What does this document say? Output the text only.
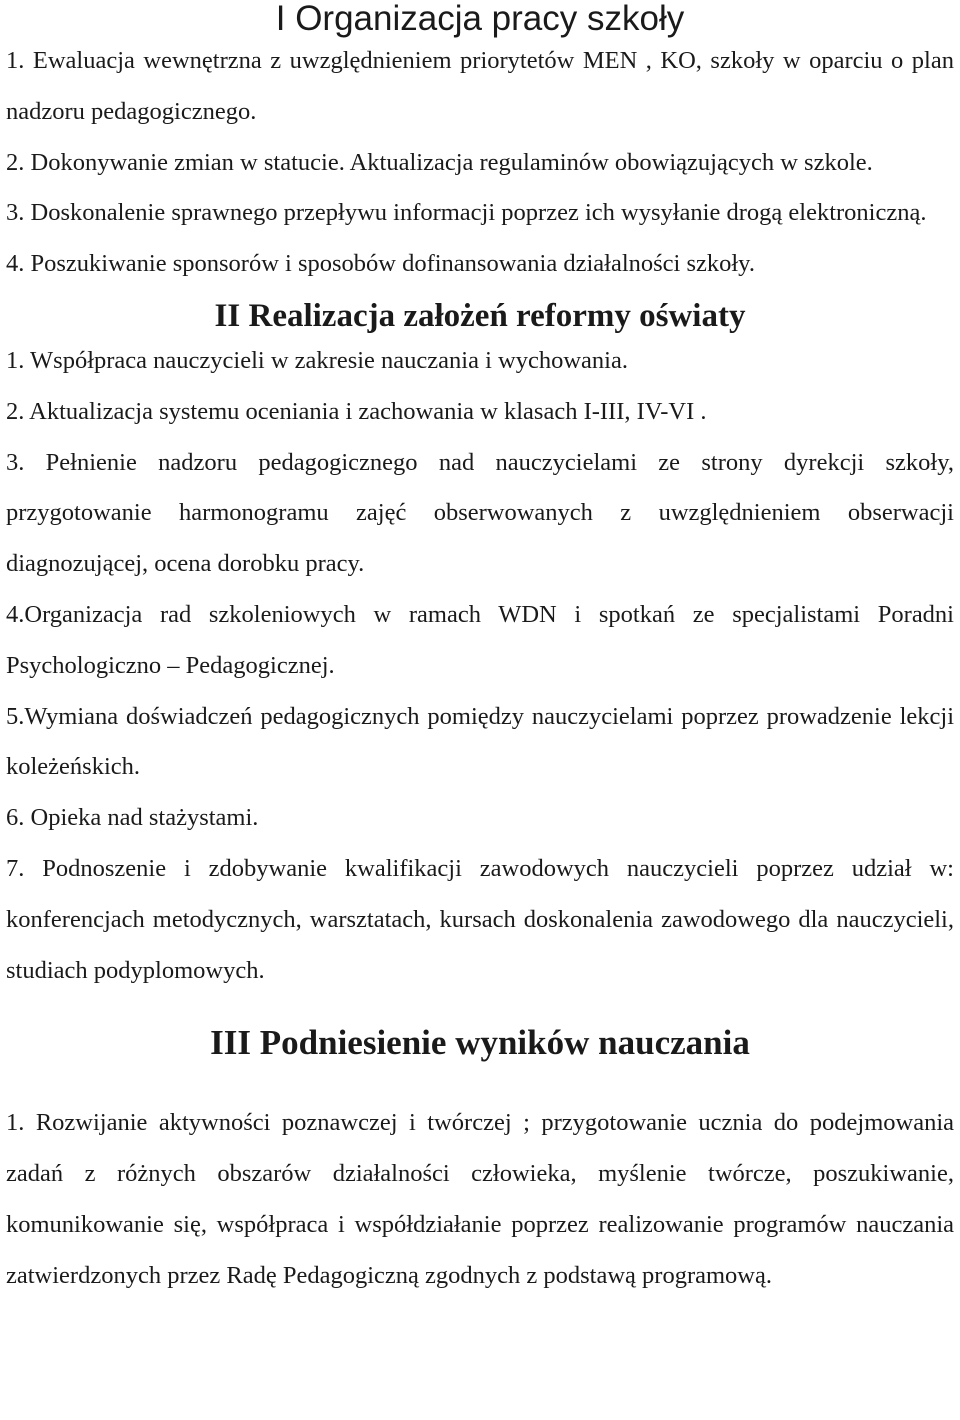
I Organizacja pracy szkoły

1. Ewaluacja wewnętrzna z uwzględnieniem priorytetów MEN , KO, szkoły w oparciu o plan nadzoru pedagogicznego.

2. Dokonywanie zmian w statucie. Aktualizacja regulaminów obowiązujących w szkole.

3. Doskonalenie sprawnego przepływu informacji poprzez ich wysyłanie drogą elektroniczną.

4. Poszukiwanie sponsorów i sposobów dofinansowania działalności szkoły.

II Realizacja założeń reformy oświaty

1. Współpraca nauczycieli w zakresie nauczania i wychowania.

2. Aktualizacja systemu oceniania i zachowania w klasach I-III, IV-VI .

3. Pełnienie nadzoru pedagogicznego nad nauczycielami ze strony dyrekcji szkoły, przygotowanie harmonogramu zajęć obserwowanych z uwzględnieniem obserwacji diagnozującej, ocena dorobku pracy.

4.Organizacja rad szkoleniowych w ramach WDN i spotkań ze specjalistami Poradni Psychologiczno – Pedagogicznej.

5.Wymiana doświadczeń pedagogicznych pomiędzy nauczycielami poprzez prowadzenie lekcji koleżeńskich.

6. Opieka nad stażystami.

7. Podnoszenie i zdobywanie kwalifikacji zawodowych nauczycieli poprzez udział w: konferencjach metodycznych, warsztatach, kursach doskonalenia zawodowego dla nauczycieli, studiach podyplomowych.

III Podniesienie wyników nauczania

1. Rozwijanie aktywności poznawczej i twórczej ; przygotowanie ucznia do podejmowania zadań z różnych obszarów działalności człowieka, myślenie twórcze, poszukiwanie, komunikowanie się, współpraca i współdziałanie poprzez realizowanie programów nauczania zatwierdzonych przez Radę Pedagogiczną zgodnych z podstawą programową.
